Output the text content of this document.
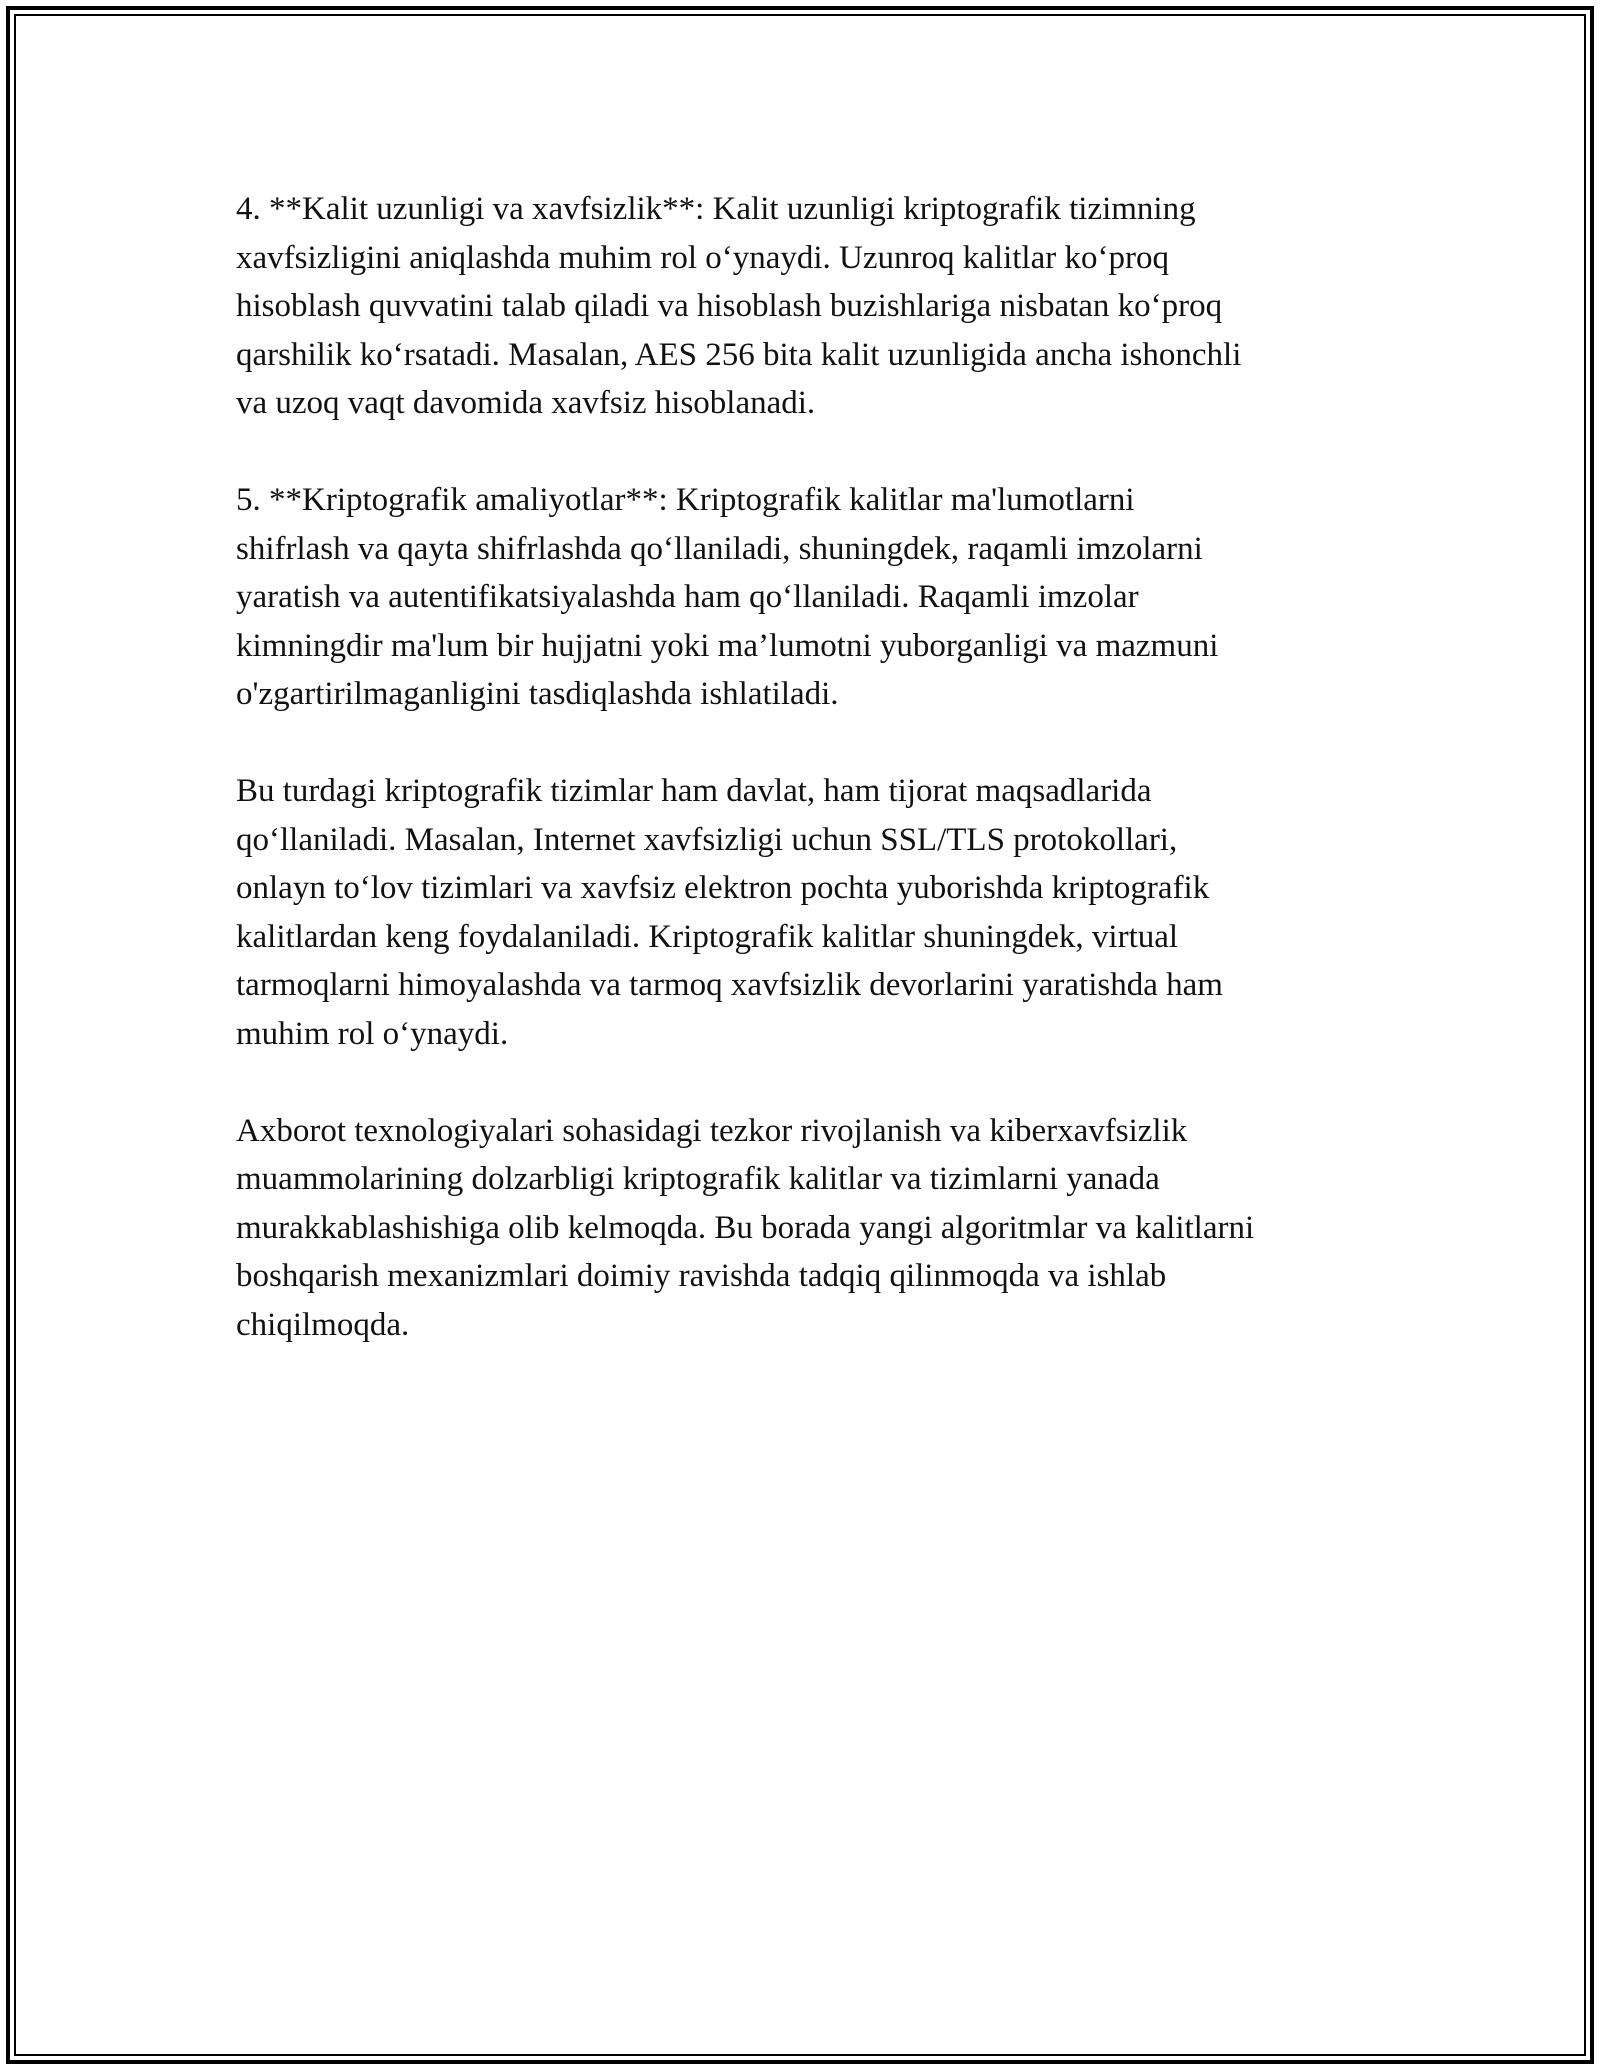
4. **Kalit uzunligi va xavfsizlik**: Kalit uzunligi kriptografik tizimning
xavfsizligini aniqlashda muhim rol o‘ynaydi. Uzunroq kalitlar ko‘proq
hisoblash quvvatini talab qiladi va hisoblash buzishlariga nisbatan ko‘proq
qarshilik ko‘rsatadi. Masalan, AES 256 bita kalit uzunligida ancha ishonchli
va uzoq vaqt davomida xavfsiz hisoblanadi.

5. **Kriptografik amaliyotlar**: Kriptografik kalitlar ma'lumotlarni
shifrlash va qayta shifrlashda qo‘llaniladi, shuningdek, raqamli imzolarni
yaratish va autentifikatsiyalashda ham qo‘llaniladi. Raqamli imzolar
kimningdir ma'lum bir hujjatni yoki ma’lumotni yuborganligi va mazmuni
o'zgartirilmaganligini tasdiqlashda ishlatiladi.

Bu turdagi kriptografik tizimlar ham davlat, ham tijorat maqsadlarida
qo‘llaniladi. Masalan, Internet xavfsizligi uchun SSL/TLS protokollari,
onlayn to‘lov tizimlari va xavfsiz elektron pochta yuborishda kriptografik
kalitlardan keng foydalaniladi. Kriptografik kalitlar shuningdek, virtual
tarmoqlarni himoyalashda va tarmoq xavfsizlik devorlarini yaratishda ham
muhim rol o‘ynaydi.

Axborot texnologiyalari sohasidagi tezkor rivojlanish va kiberxavfsizlik
muammolarining dolzarbligi kriptografik kalitlar va tizimlarni yanada
murakkablashishiga olib kelmoqda. Bu borada yangi algoritmlar va kalitlarni
boshqarish mexanizmlari doimiy ravishda tadqiq qilinmoqda va ishlab
chiqilmoqda.
